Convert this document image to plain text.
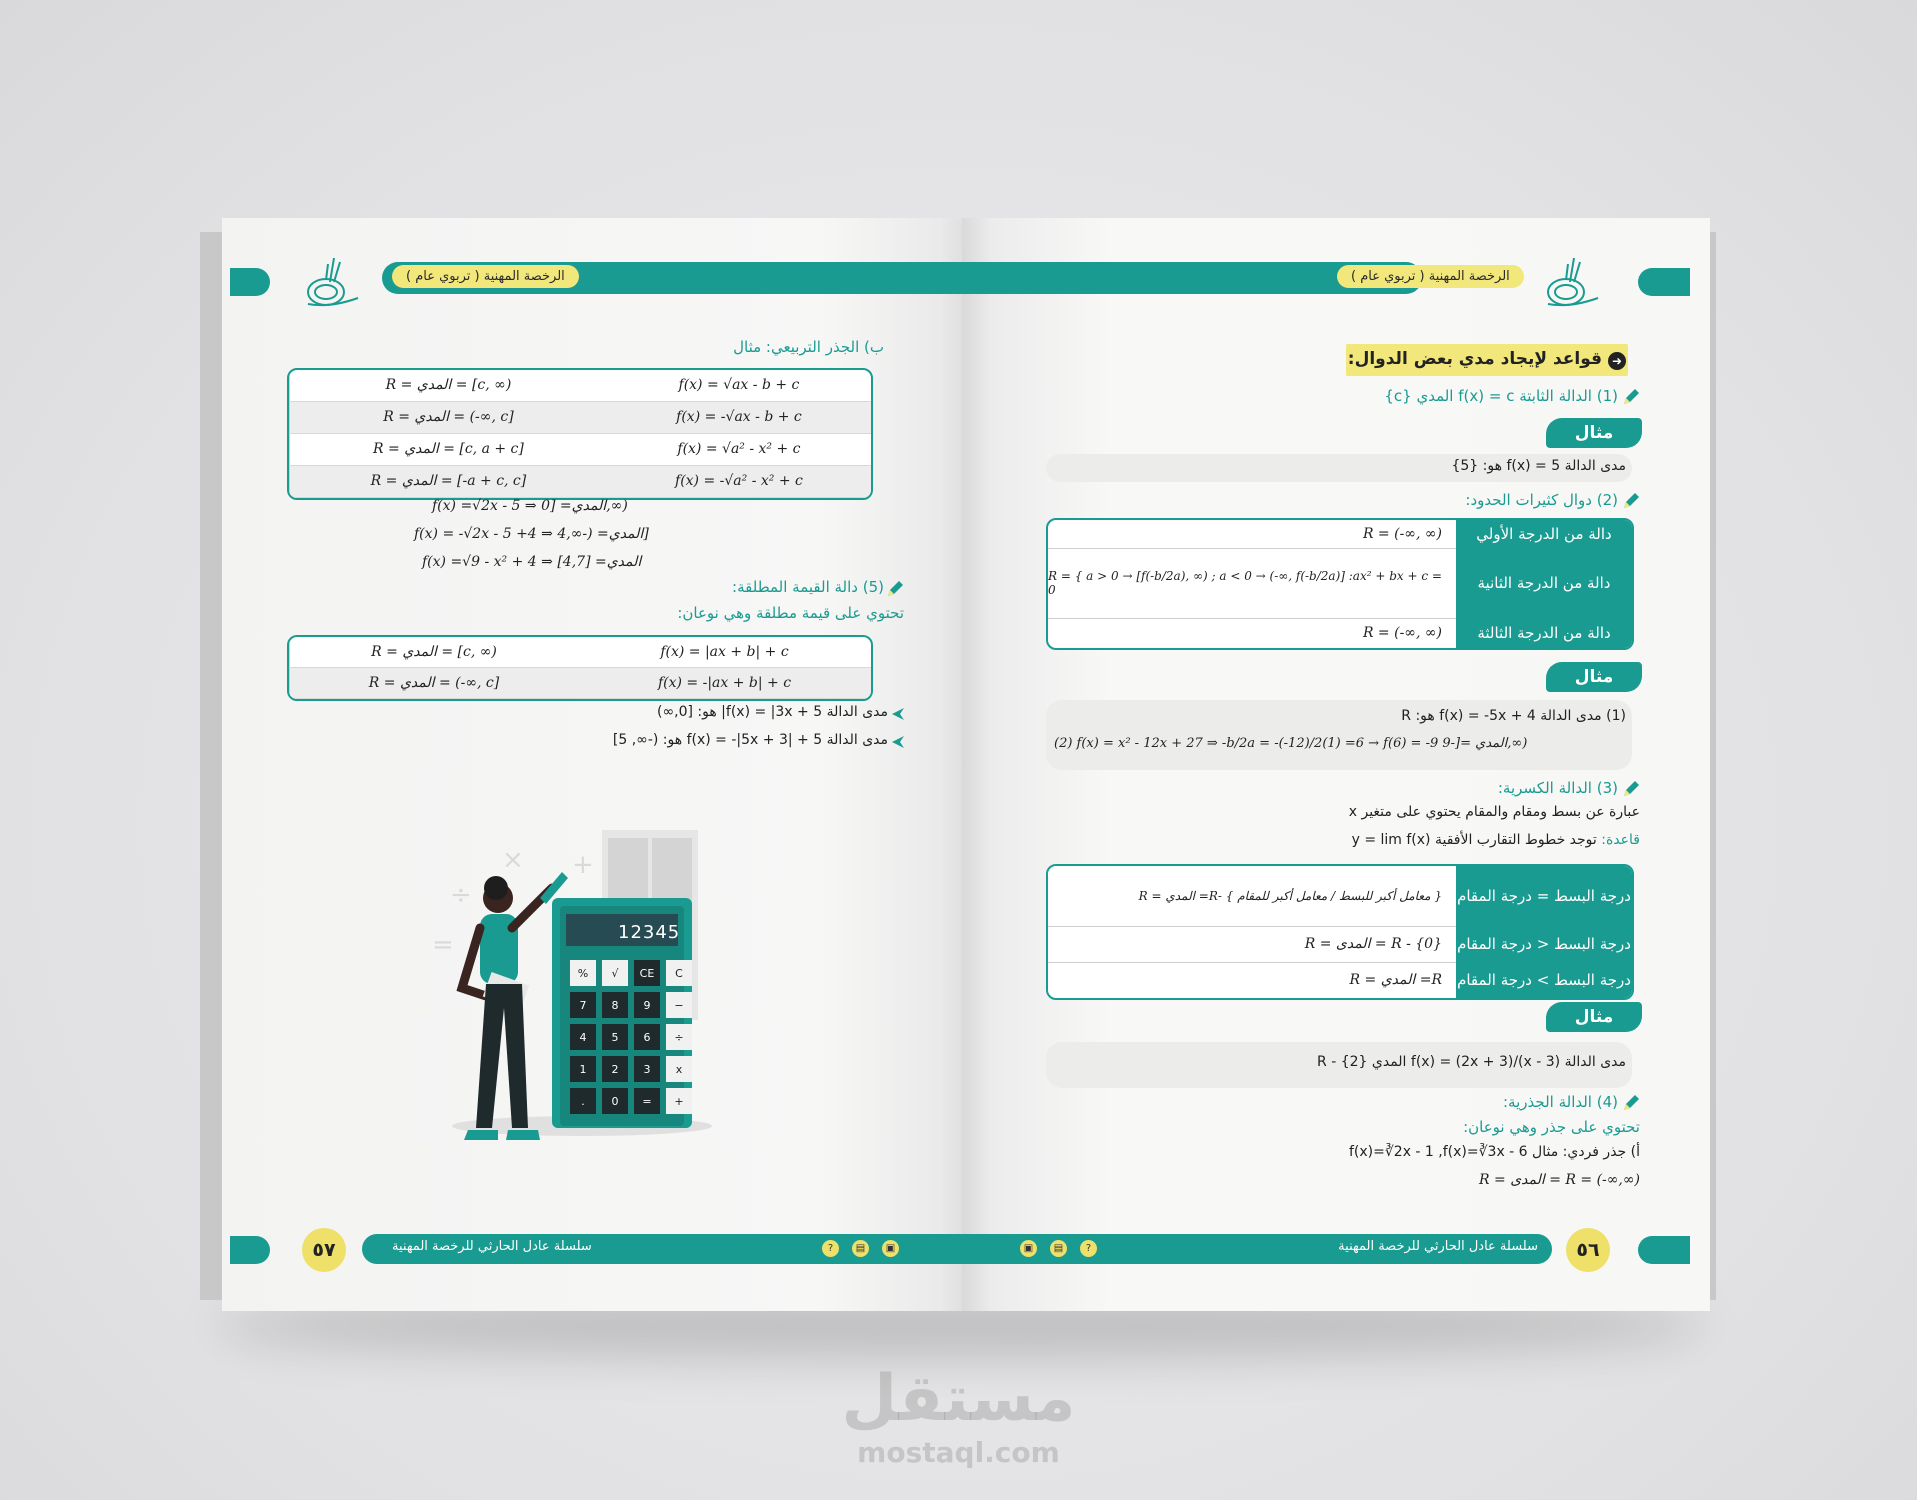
الرخصة المهنية ( تربوي عام )
ب) الجذر التربيعي: مثال
R = المدي = [c, ∞)	f(x) = √ax - b + c
R = المدي = (-∞, c]	f(x) = -√ax - b + c
R = المدي = [c, a + c]	f(x) = √a² - x² + c
R = المدي = [-a + c, c]	f(x) = -√a² - x² + c
f(x) =√2x - 5 ⇒ المدي= [0,∞)
f(x) = -√2x - 5 +4 ⇒ المدي= (-∞,4]
f(x) =√9 - x² + 4 ⇒ المدي= [4,7]
(5) دالة القيمة المطلقة:
تحتوي على قيمة مطلقة وهي نوعان:
R = المدي = [c, ∞)	f(x) = |ax + b| + c
R = المدي = (-∞, c]	f(x) = -|ax + b| + c
مدى الدالة f(x) = |3x + 5| هو: [0,∞)
مدى الدالة f(x) = -|5x + 3| + 5 هو: (-∞, 5]
× +
÷
=	12345
%	√	CE	C
7	8	9	−
4	5	6	÷
1	2	3	x
.	0	=	+
٥٧	سلسلة عادل الحارثي للرخصة المهنية	?	▤	▣
الرخصة المهنية ( تربوي عام )
قواعد لإيجاد مدي بعض الدوال: ➜
(1) الدالة الثابتة f(x) = c المدي {c}
مثال
مدى الدالة f(x) = 5 هو: {5}
(2) دوال كثيرات الحدود:
دالة من الدرجة الأولي
R = (-∞, ∞)
دالة من الدرجة الثانية
R = { a > 0 → [f(-b/2a), ∞) ; a < 0 → (-∞, f(-b/2a)] :ax² + bx + c = 0
دالة من الدرجة الثالثة
R = (-∞, ∞)
مثال
(1) مدى الدالة f(x) = -5x + 4 هو: R
(2) f(x) = x² - 12x + 27 ⇒ -b/2a = -(-12)/2(1) =6 → f(6) = -9 المدي =[-9,∞)
(3) الدالة الكسرية:
عبارة عن بسط ومقام والمقام يحتوي على متغير x
قاعدة: توجد خطوط التقارب الأفقية y = lim f(x)
درجة البسط = درجة المقام
R = المدي =R- { معامل أكبر للبسط / معامل أكبر للمقام }
درجة البسط < درجة المقام
R = المدى = R - {0}
درجة البسط > درجة المقام
R = المدي =R
مثال
مدى الدالة f(x) = (2x + 3)/(x - 3) المدي R - {2}
(4) الدالة الجذرية:
تحتوي على جذر وهي نوعان:
أ) جذر فردي: مثال f(x)=∛2x - 1 ,f(x)=∛3x - 6
R = المدى = R = (-∞,∞)
▣	▤	?	سلسلة عادل الحارثي للرخصة المهنية	٥٦
مستقل
mostaql.com
